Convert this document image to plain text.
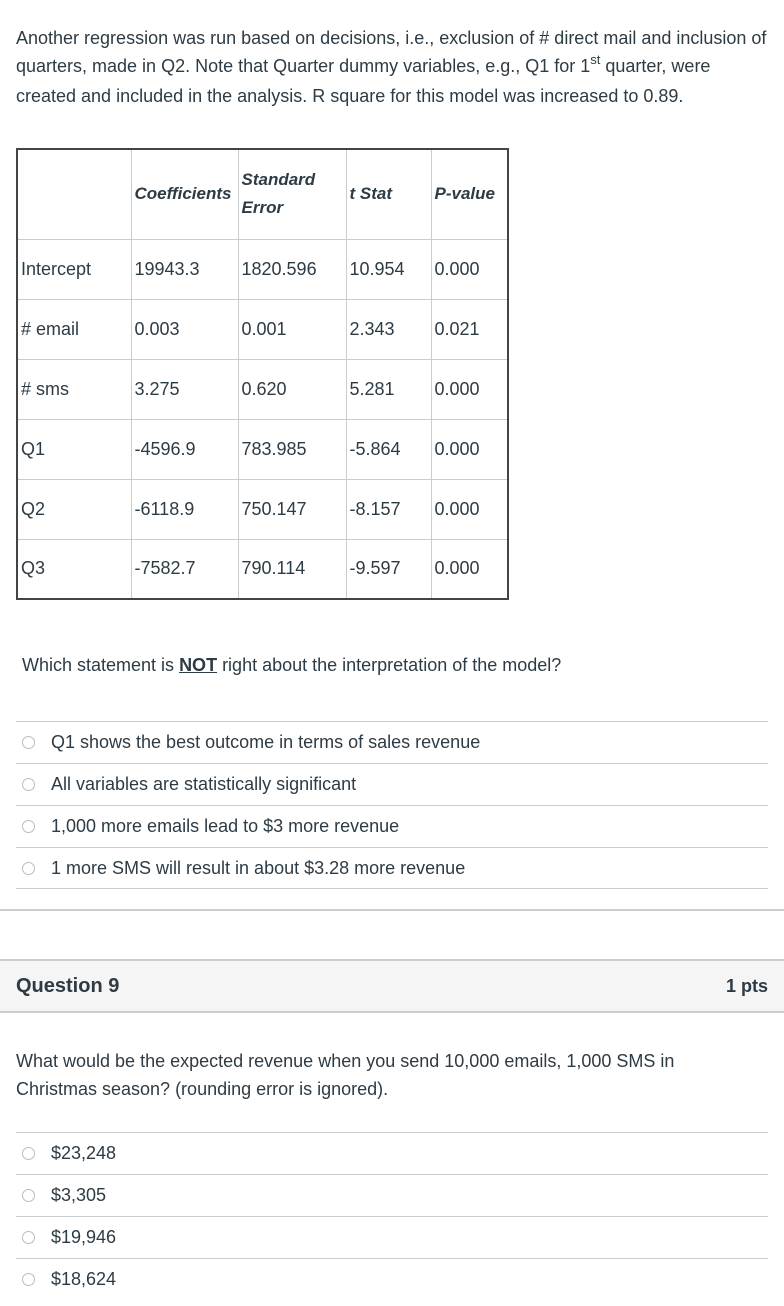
Another regression was run based on decisions, i.e., exclusion of # direct mail and inclusion of quarters, made in Q2. Note that Quarter dummy variables, e.g., Q1 for 1st quarter, were created and included in the analysis. R square for this model was increased to 0.89.
	Coefficients	Standard Error	t Stat	P-value
Intercept	19943.3	1820.596	10.954	0.000
# email	0.003	0.001	2.343	0.021
# sms	3.275	0.620	5.281	0.000
Q1	-4596.9	783.985	-5.864	0.000
Q2	-6118.9	750.147	-8.157	0.000
Q3	-7582.7	790.114	-9.597	0.000
Which statement is NOT right about the interpretation of the model?
Q1 shows the best outcome in terms of sales revenue
All variables are statistically significant
1,000 more emails lead to $3 more revenue
1 more SMS will result in about $3.28 more revenue
Question 9	1 pts
What would be the expected revenue when you send 10,000 emails, 1,000 SMS in Christmas season? (rounding error is ignored).
$23,248
$3,305
$19,946
$18,624
